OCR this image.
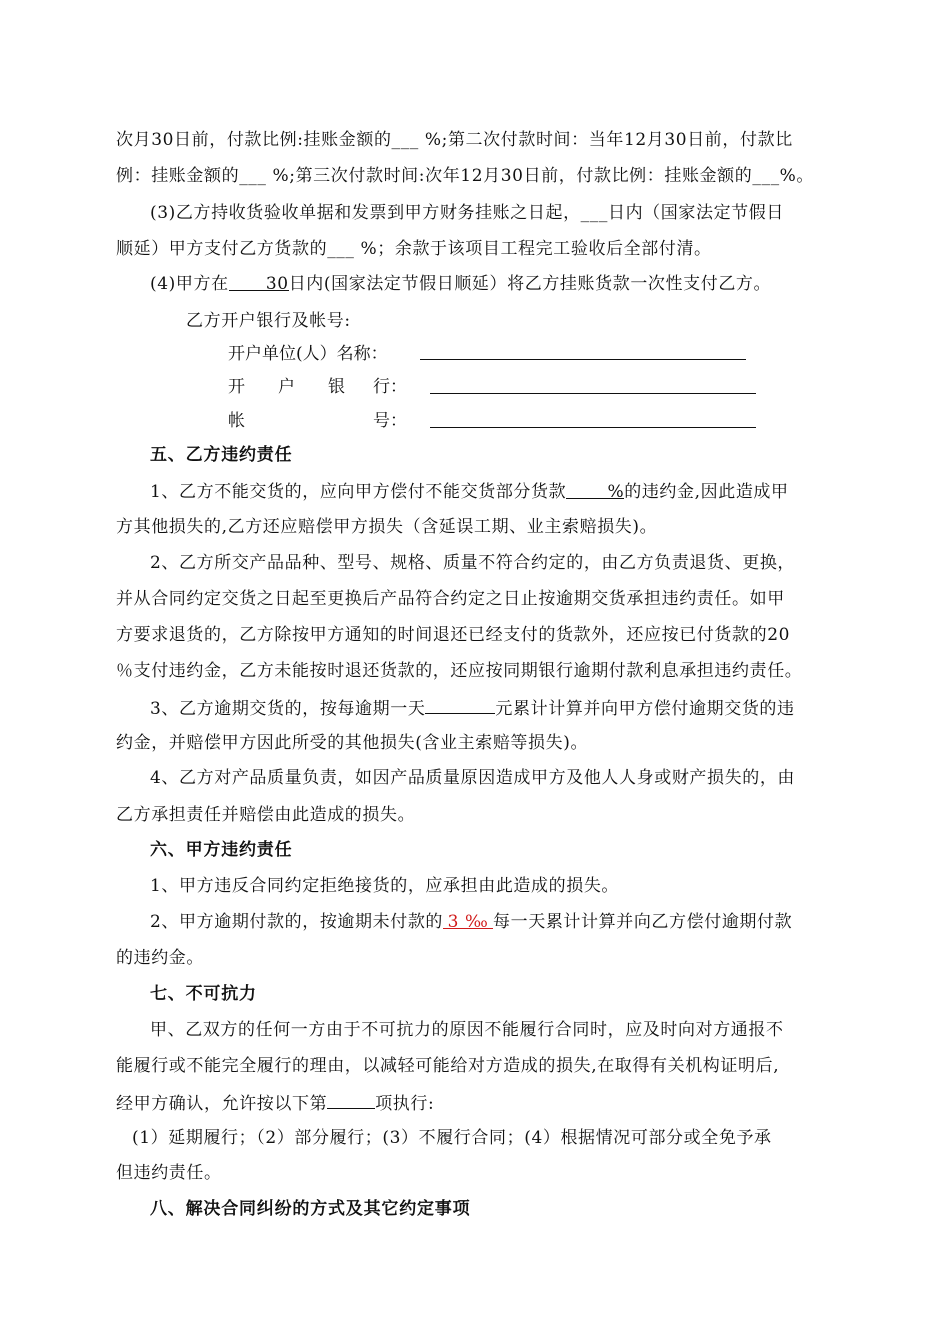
次月30日前，付款比例:挂账金额的___ %;第二次付款时间：当年12月30日前，付款比
例：挂账金额的___ %;第三次付款时间:次年12月30日前，付款比例：挂账金额的___%。
(3)乙方持收货验收单据和发票到甲方财务挂账之日起，___日内（国家法定节假日
顺延）甲方支付乙方货款的___ %；余款于该项目工程完工验收后全部付清。
(4)甲方在 30日内(国家法定节假日顺延）将乙方挂账货款一次性支付乙方。
乙方开户银行及帐号:
开户单位(人）名称：
开 户 银 行：
帐	号：
五、乙方违约责任
1、乙方不能交货的，应向甲方偿付不能交货部分货款 %的违约金,因此造成甲
方其他损失的,乙方还应赔偿甲方损失（含延误工期、业主索赔损失)。
2、乙方所交产品品种、型号、规格、质量不符合约定的，由乙方负责退货、更换，
并从合同约定交货之日起至更换后产品符合约定之日止按逾期交货承担违约责任。如甲
方要求退货的，乙方除按甲方通知的时间退还已经支付的货款外，还应按已付货款的20
％支付违约金，乙方未能按时退还货款的，还应按同期银行逾期付款利息承担违约责任。
3、乙方逾期交货的，按每逾期一天	元累计计算并向甲方偿付逾期交货的违
约金，并赔偿甲方因此所受的其他损失(含业主索赔等损失)。
4、乙方对产品质量负责，如因产品质量原因造成甲方及他人人身或财产损失的，由
乙方承担责任并赔偿由此造成的损失。
六、甲方违约责任
1、甲方违反合同约定拒绝接货的，应承担由此造成的损失。
2、甲方逾期付款的，按逾期未付款的 3 ‰ 每一天累计计算并向乙方偿付逾期付款
的违约金。
七、不可抗力
甲、乙双方的任何一方由于不可抗力的原因不能履行合同时，应及时向对方通报不
能履行或不能完全履行的理由，以减轻可能给对方造成的损失,在取得有关机构证明后,
经甲方确认，允许按以下第	项执行:
(1）延期履行；（2）部分履行；(3）不履行合同；(4）根据情况可部分或全免予承
但违约责任。
八、解决合同纠纷的方式及其它约定事项
